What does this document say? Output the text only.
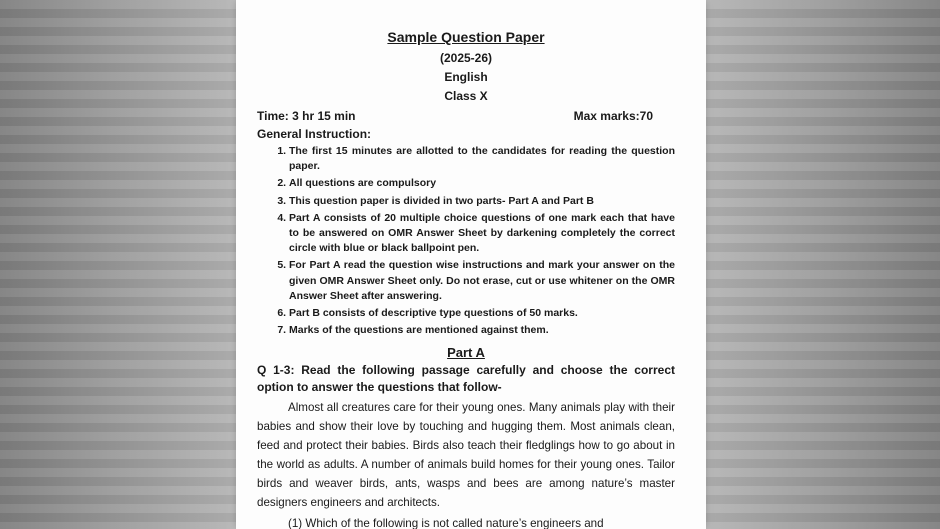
Sample Question Paper
(2025-26)
English
Class X
Time: 3 hr 15 min	Max marks:70
General Instruction:
1. The first 15 minutes are allotted to the candidates for reading the question paper.
2. All questions are compulsory
3. This question paper is divided in two parts- Part A and Part B
4. Part A consists of 20 multiple choice questions of one mark each that have to be answered on OMR Answer Sheet by darkening completely the correct circle with blue or black ballpoint pen.
5. For Part A read the question wise instructions and mark your answer on the given OMR Answer Sheet only. Do not erase, cut or use whitener on the OMR Answer Sheet after answering.
6. Part B consists of descriptive type questions of 50 marks.
7. Marks of the questions are mentioned against them.
Part A
Q 1-3: Read the following passage carefully and choose the correct option to answer the questions that follow-
Almost all creatures care for their young ones. Many animals play with their babies and show their love by touching and hugging them. Most animals clean, feed and protect their babies. Birds also teach their fledglings how to go about in the world as adults. A number of animals build homes for their young ones. Tailor birds and weaver birds, ants, wasps and bees are among nature’s master designers engineers and architects.
(1) Which of the following is not called nature’s engineers and
